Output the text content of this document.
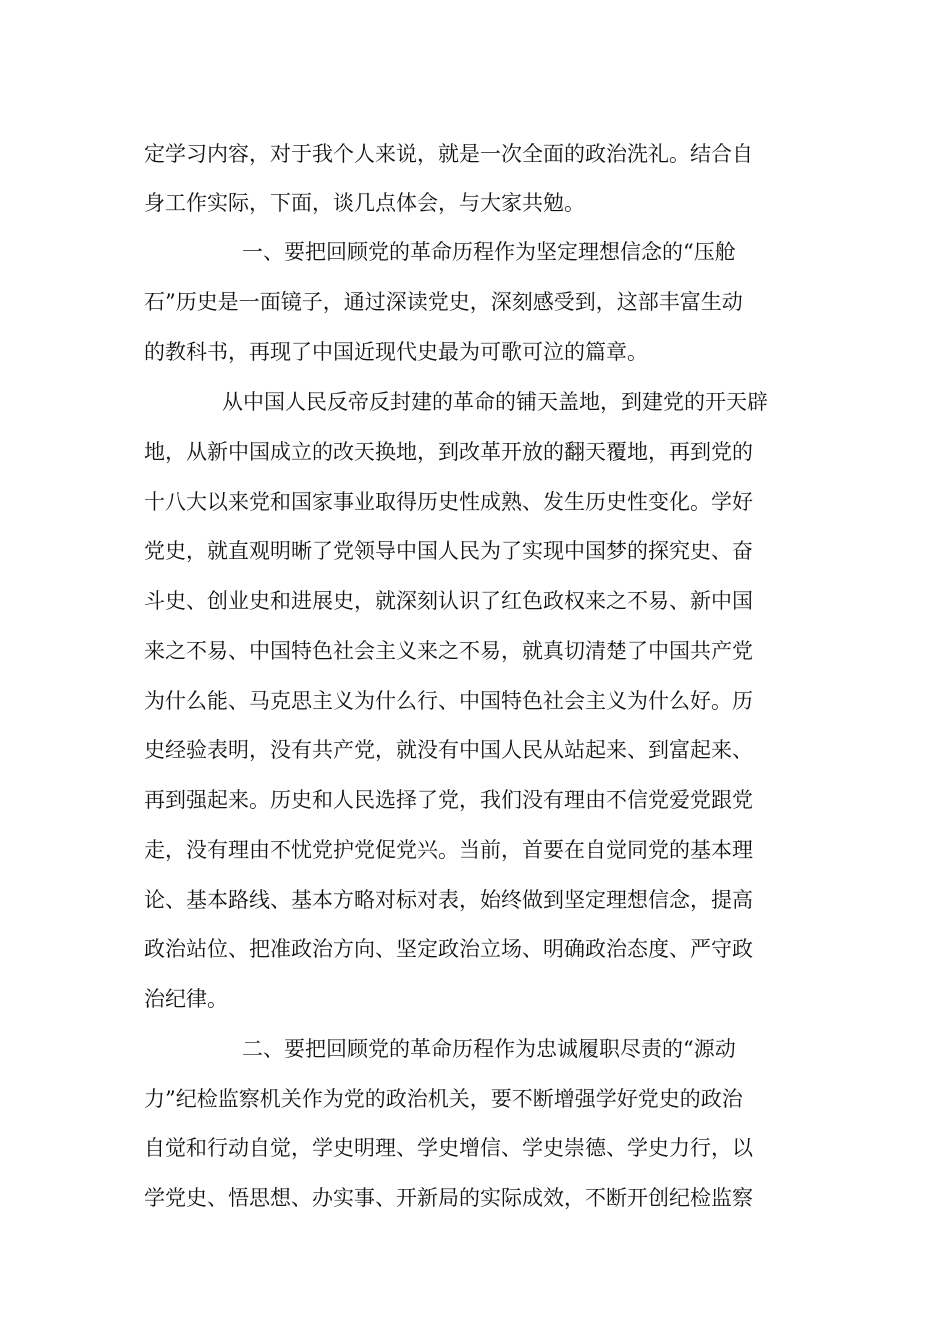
定学习内容，对于我个人来说，就是一次全面的政治洗礼。结合自
身工作实际，下面，谈几点体会，与大家共勉。
一、要把回顾党的革命历程作为坚定理想信念的“压舱
石”历史是一面镜子，通过深读党史，深刻感受到，这部丰富生动
的教科书，再现了中国近现代史最为可歌可泣的篇章。
从中国人民反帝反封建的革命的铺天盖地，到建党的开天辟
地，从新中国成立的改天换地，到改革开放的翻天覆地，再到党的
十八大以来党和国家事业取得历史性成熟、发生历史性变化。学好
党史，就直观明晰了党领导中国人民为了实现中国梦的探究史、奋
斗史、创业史和进展史，就深刻认识了红色政权来之不易、新中国
来之不易、中国特色社会主义来之不易，就真切清楚了中国共产党
为什么能、马克思主义为什么行、中国特色社会主义为什么好。历
史经验表明，没有共产党，就没有中国人民从站起来、到富起来、
再到强起来。历史和人民选择了党，我们没有理由不信党爱党跟党
走，没有理由不忧党护党促党兴。当前，首要在自觉同党的基本理
论、基本路线、基本方略对标对表，始终做到坚定理想信念，提高
政治站位、把准政治方向、坚定政治立场、明确政治态度、严守政
治纪律。
二、要把回顾党的革命历程作为忠诚履职尽责的“源动
力”纪检监察机关作为党的政治机关，要不断增强学好党史的政治
自觉和行动自觉，学史明理、学史增信、学史崇德、学史力行，以
学党史、悟思想、办实事、开新局的实际成效，不断开创纪检监察
